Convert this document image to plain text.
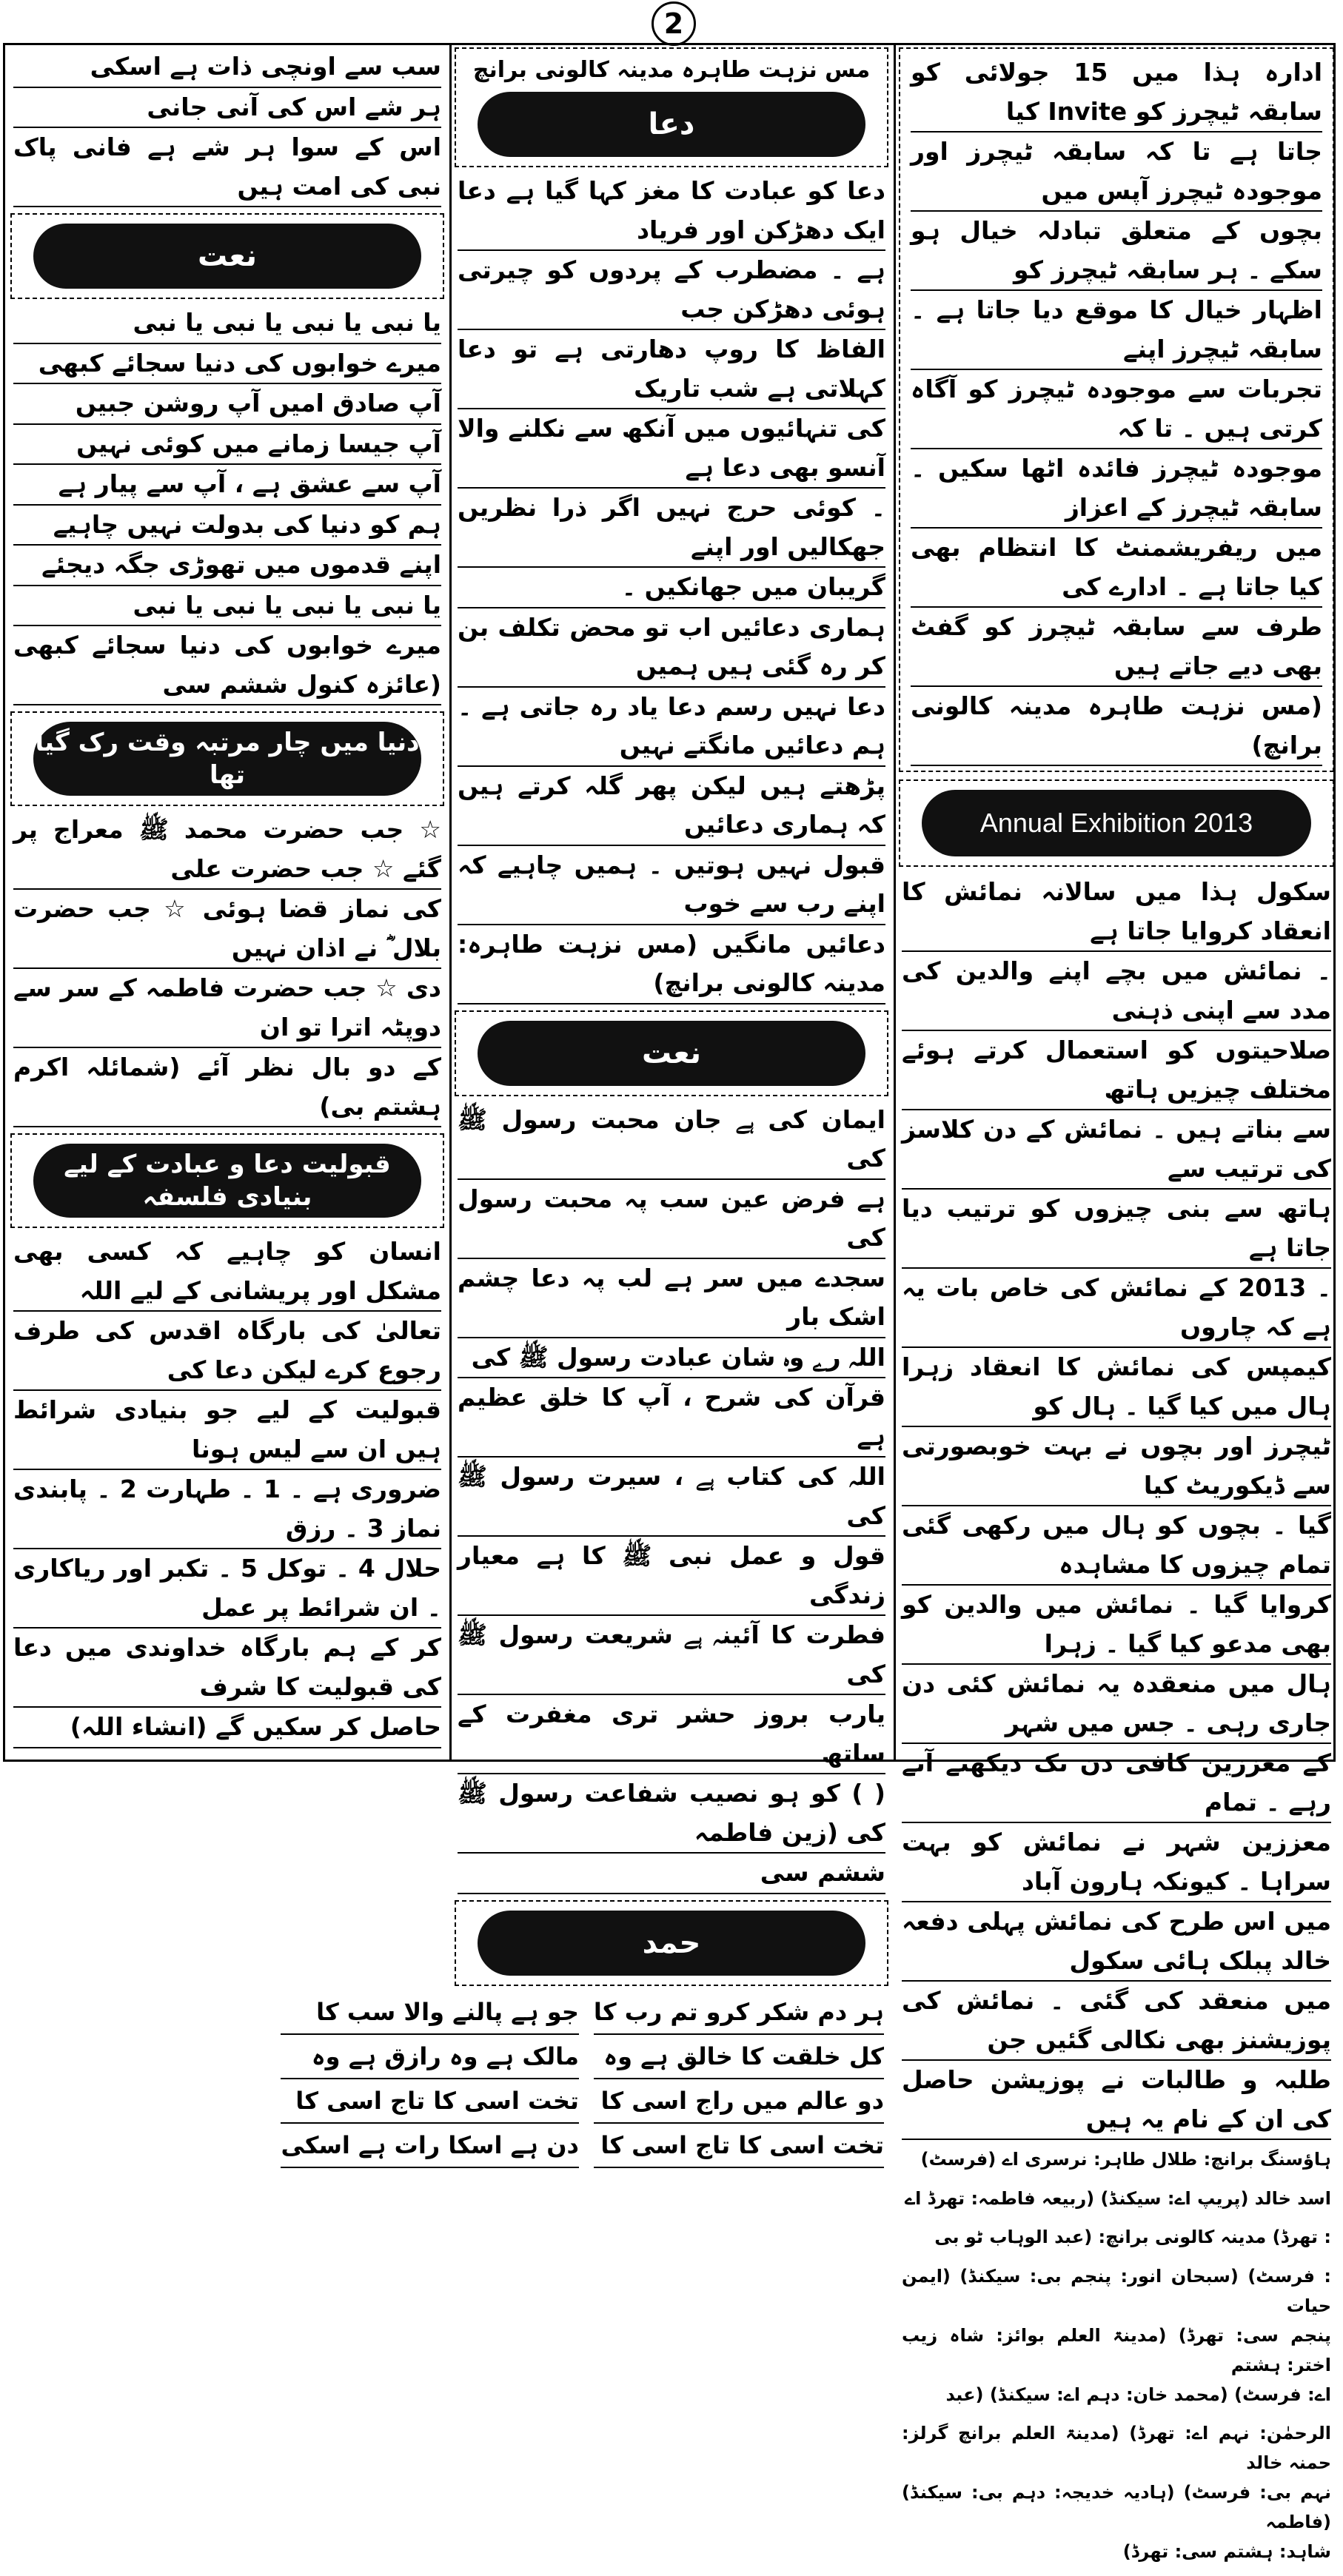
2
ادارہ ہذا میں 15 جولائی کو سابقہ ٹیچرز کو Invite کیا
جاتا ہے تا کہ سابقہ ٹیچرز اور موجودہ ٹیچرز آپس میں
بچوں کے متعلق تبادلہ خیال ہو سکے ۔ ہر سابقہ ٹیچرز کو
اظہار خیال کا موقع دیا جاتا ہے ۔ سابقہ ٹیچرز اپنے
تجربات سے موجودہ ٹیچرز کو آگاہ کرتی ہیں ۔ تا کہ
موجودہ ٹیچرز فائدہ اٹھا سکیں ۔ سابقہ ٹیچرز کے اعزاز
میں ریفریشمنٹ کا انتظام بھی کیا جاتا ہے ۔ ادارے کی
طرف سے سابقہ ٹیچرز کو گفٹ بھی دیے جاتے ہیں
(مس نزہت طاہرہ مدینہ کالونی برانچ)
Annual Exhibition 2013
سکول ہذا میں سالانہ نمائش کا انعقاد کروایا جاتا ہے
۔ نمائش میں بچے اپنے والدین کی مدد سے اپنی ذہنی
صلاحیتوں کو استعمال کرتے ہوئے مختلف چیزیں ہاتھ
سے بناتے ہیں ۔ نمائش کے دن کلاسز کی ترتیب سے
ہاتھ سے بنی چیزوں کو ترتیب دیا جاتا ہے
۔ 2013 کے نمائش کی خاص بات یہ ہے کہ چاروں
کیمپس کی نمائش کا انعقاد زہرا ہال میں کیا گیا ۔ ہال کو
ٹیچرز اور بچوں نے بہت خوبصورتی سے ڈیکوریٹ کیا
گیا ۔ بچوں کو ہال میں رکھی گئی تمام چیزوں کا مشاہدہ
کروایا گیا ۔ نمائش میں والدین کو بھی مدعو کیا گیا ۔ زہرا
ہال میں منعقدہ یہ نمائش کئی دن جاری رہی ۔ جس میں شہر
کے معززین کافی دن تک دیکھنے آتے رہے ۔ تمام
معززین شہر نے نمائش کو بہت سراہا ۔ کیونکہ ہارون آباد
میں اس طرح کی نمائش پہلی دفعہ خالد پبلک ہائی سکول
میں منعقد کی گئی ۔ نمائش کی پوزیشنز بھی نکالی گئیں جن
طلبہ و طالبات نے پوزیشن حاصل کی ان کے نام یہ ہیں
ہاؤسنگ برانچ: طلال طاہر: نرسری اے (فرسٹ)
اسد خالد (پریپ اے: سیکنڈ) (ربیعہ فاطمہ: تھرڈ اے
: تھرڈ) مدینہ کالونی برانچ: (عبد الوہاب ٹو بی
: فرسٹ) (سبحان انور: پنجم بی: سیکنڈ) (ایمن حیات
پنجم سی: تھرڈ) (مدینۃ العلم بوائز: شاہ زیب اختر: ہشتم
اے: فرسٹ) (محمد خان: دہم اے: سیکنڈ) (عبد
الرحمٰن: نہم اے: تھرڈ) (مدینۃ العلم برانچ گرلز: حمنہ خالد
نہم بی: فرسٹ) (ہادیہ خدیجہ: دہم بی: سیکنڈ) (فاطمہ
شاہد: ہشتم سی: تھرڈ)
مس نزہت طاہرہ مدینہ کالونی برانچ
دعا
دعا کو عبادت کا مغز کہا گیا ہے دعا ایک دھڑکن اور فریاد
ہے ۔ مضطرب کے پردوں کو چیرتی ہوئی دھڑکن جب
الفاظ کا روپ دھارتی ہے تو دعا کہلاتی ہے شب تاریک
کی تنہائیوں میں آنکھ سے نکلنے والا آنسو بھی دعا ہے
۔ کوئی حرج نہیں اگر ذرا نظریں جھکالیں اور اپنے
گریبان میں جھانکیں ۔
ہماری دعائیں اب تو محض تکلف بن کر رہ گئی ہیں ہمیں
دعا نہیں رسم دعا یاد رہ جاتی ہے ۔ ہم دعائیں مانگتے نہیں
پڑھتے ہیں لیکن پھر گلہ کرتے ہیں کہ ہماری دعائیں
قبول نہیں ہوتیں ۔ ہمیں چاہیے کہ اپنے رب سے خوب
دعائیں مانگیں (مس نزہت طاہرہ: مدینہ کالونی برانچ)
نعت
ایمان کی ہے جان محبت رسول ﷺ کی
ہے فرض عین سب پہ محبت رسول کی
سجدے میں سر ہے لب پہ دعا چشم اشک بار
اللہ رے وہ شان عبادت رسول ﷺ کی
قرآن کی شرح ، آپ کا خلق عظیم ہے
اللہ کی کتاب ہے ، سیرت رسول ﷺ کی
قول و عمل نبی ﷺ کا ہے معیار زندگی
فطرت کا آئینہ ہے شریعت رسول ﷺ کی
یارب بروز حشر تری مغفرت کے ساتھ
( ) کو ہو نصیب شفاعت رسول ﷺ کی (زین فاطمہ
ششم سی
حمد
ہر دم شکر کرو تم رب کا
جو ہے پالنے والا سب کا
کل خلقت کا خالق ہے وہ
مالک ہے وہ رازق ہے وہ
دو عالم میں راج اسی کا
تخت اسی کا تاج اسی کا
تخت اسی کا تاج اسی کا
دن ہے اسکا رات ہے اسکی
سب سے اونچی ذات ہے اسکی
ہر شے اس کی آنی جانی
اس کے سوا ہر شے ہے فانی پاک نبی کی امت ہیں
نعت
یا نبی یا نبی یا نبی یا نبی
میرے خوابوں کی دنیا سجائے کبھی
آپ صادق امیں آپ روشن جبیں
آپ جیسا زمانے میں کوئی نہیں
آپ سے عشق ہے ، آپ سے پیار ہے
ہم کو دنیا کی بدولت نہیں چاہیے
اپنے قدموں میں تھوڑی جگہ دیجئے
یا نبی یا نبی یا نبی یا نبی
میرے خوابوں کی دنیا سجائے کبھی (عائزہ کنول ششم سی
دنیا میں چار مرتبہ وقت رک گیا تھا
☆ جب حضرت محمد ﷺ معراج پر گئے ☆ جب حضرت علی
کی نماز قضا ہوئی ☆ جب حضرت بلال ؓ نے اذان نہیں
دی ☆ جب حضرت فاطمہ کے سر سے دوپٹہ اترا تو ان
کے دو بال نظر آئے (شمائلہ اکرم ہشتم بی)
قبولیت دعا و عبادت کے لیے بنیادی فلسفہ
انسان کو چاہیے کہ کسی بھی مشکل اور پریشانی کے لیے اللہ
تعالیٰ کی بارگاہ اقدس کی طرف رجوع کرے لیکن دعا کی
قبولیت کے لیے جو بنیادی شرائط ہیں ان سے لیس ہونا
ضروری ہے ۔ 1 ۔ طہارت 2 ۔ پابندی نماز 3 ۔ رزق
حلال 4 ۔ توکل 5 ۔ تکبر اور ریاکاری ۔ ان شرائط پر عمل
کر کے ہم بارگاہ خداوندی میں دعا کی قبولیت کا شرف
حاصل کر سکیں گے (انشاء اللہ)
